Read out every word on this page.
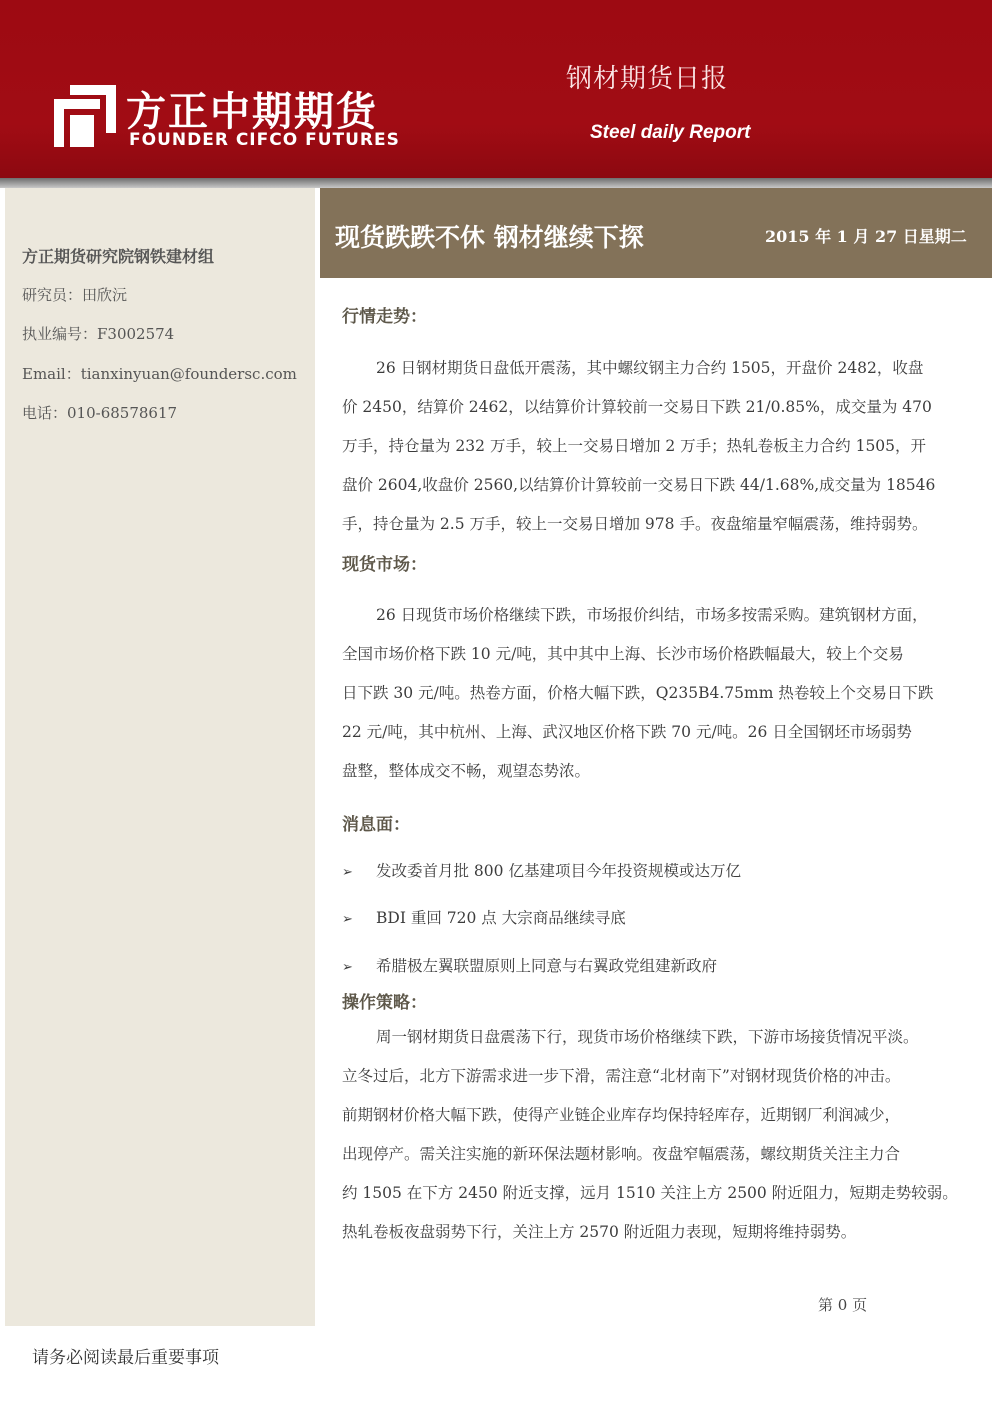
方正中期期货
FOUNDER CIFCO FUTURES
钢材期货日报
Steel daily Report
方正期货研究院钢铁建材组
研究员：田欣沅
执业编号：F3002574
Email：tianxinyuan@foundersc.com
电话：010-68578617
现货跌跌不休 钢材继续下探	2015 年 1 月 27 日星期二
行情走势：
26 日钢材期货日盘低开震荡，其中螺纹钢主力合约 1505，开盘价 2482，收盘
价 2450，结算价 2462，以结算价计算较前一交易日下跌 21/0.85%，成交量为 470
万手，持仓量为 232 万手，较上一交易日增加 2 万手；热轧卷板主力合约 1505，开
盘价 2604,收盘价 2560,以结算价计算较前一交易日下跌 44/1.68%,成交量为 18546
手，持仓量为 2.5 万手，较上一交易日增加 978 手。夜盘缩量窄幅震荡，维持弱势。
现货市场：
26 日现货市场价格继续下跌，市场报价纠结，市场多按需采购。建筑钢材方面，
全国市场价格下跌 10 元/吨，其中其中上海、长沙市场价格跌幅最大，较上个交易
日下跌 30 元/吨。热卷方面，价格大幅下跌，Q235B4.75mm 热卷较上个交易日下跌
22 元/吨，其中杭州、上海、武汉地区价格下跌 70 元/吨。26 日全国钢坯市场弱势
盘整，整体成交不畅，观望态势浓。
消息面：
➢ 发改委首月批 800 亿基建项目今年投资规模或达万亿
➢ BDI 重回 720 点 大宗商品继续寻底
➢ 希腊极左翼联盟原则上同意与右翼政党组建新政府
操作策略：
周一钢材期货日盘震荡下行，现货市场价格继续下跌，下游市场接货情况平淡。
立冬过后，北方下游需求进一步下滑，需注意“北材南下”对钢材现货价格的冲击。
前期钢材价格大幅下跌，使得产业链企业库存均保持轻库存，近期钢厂利润减少，
出现停产。需关注实施的新环保法题材影响。夜盘窄幅震荡，螺纹期货关注主力合
约 1505 在下方 2450 附近支撑，远月 1510 关注上方 2500 附近阻力，短期走势较弱。
热轧卷板夜盘弱势下行，关注上方 2570 附近阻力表现，短期将维持弱势。
第 0 页
请务必阅读最后重要事项
